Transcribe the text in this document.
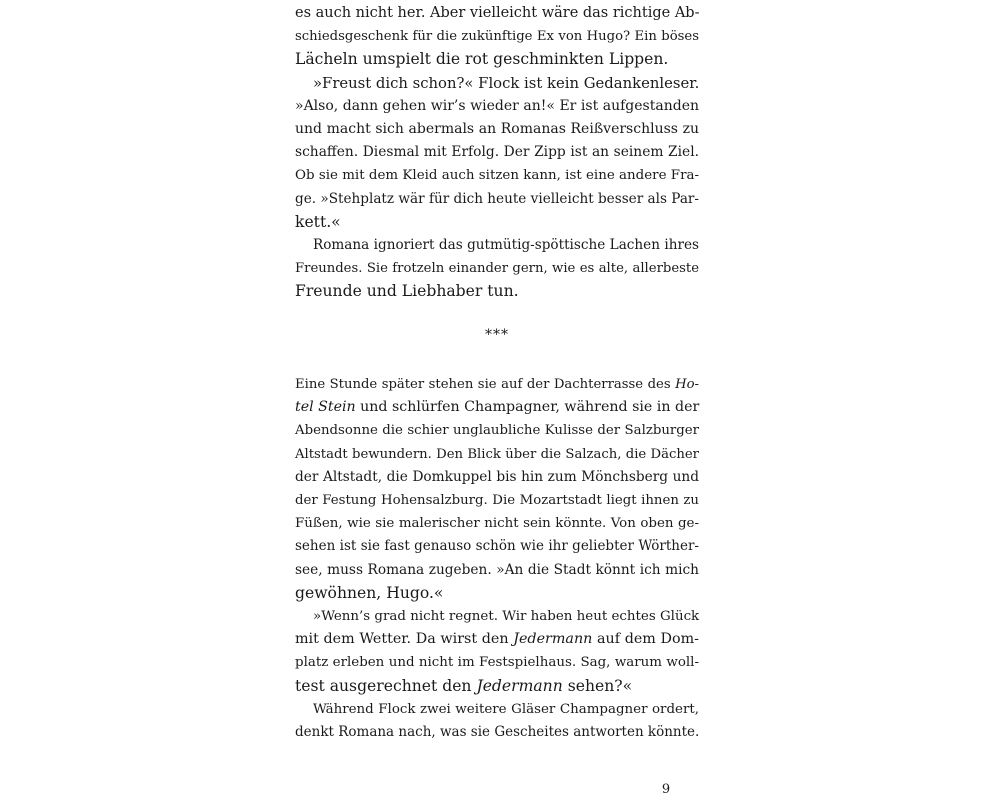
es auch nicht her. Aber vielleicht wäre das richtige Ab-
schiedsgeschenk für die zukünftige Ex von Hugo? Ein böses
Lächeln umspielt die rot geschminkten Lippen.
»Freust dich schon?« Flock ist kein Gedankenleser.
»Also, dann gehen wir’s wieder an!« Er ist aufgestanden
und macht sich abermals an Romanas Reißverschluss zu
schaffen. Diesmal mit Erfolg. Der Zipp ist an seinem Ziel.
Ob sie mit dem Kleid auch sitzen kann, ist eine andere Fra-
ge. »Stehplatz wär für dich heute vielleicht besser als Par-
kett.«
Romana ignoriert das gutmütig-spöttische Lachen ihres
Freundes. Sie frotzeln einander gern, wie es alte, allerbeste
Freunde und Liebhaber tun.
***
Eine Stunde später stehen sie auf der Dachterrasse des Ho-
tel Stein und schlürfen Champagner, während sie in der
Abendsonne die schier unglaubliche Kulisse der Salzburger
Altstadt bewundern. Den Blick über die Salzach, die Dächer
der Altstadt, die Domkuppel bis hin zum Mönchsberg und
der Festung Hohensalzburg. Die Mozartstadt liegt ihnen zu
Füßen, wie sie malerischer nicht sein könnte. Von oben ge-
sehen ist sie fast genauso schön wie ihr geliebter Wörther-
see, muss Romana zugeben. »An die Stadt könnt ich mich
gewöhnen, Hugo.«
»Wenn’s grad nicht regnet. Wir haben heut echtes Glück
mit dem Wetter. Da wirst den Jedermann auf dem Dom-
platz erleben und nicht im Festspielhaus. Sag, warum woll-
test ausgerechnet den Jedermann sehen?«
Während Flock zwei weitere Gläser Champagner ordert,
denkt Romana nach, was sie Gescheites antworten könnte.
9
